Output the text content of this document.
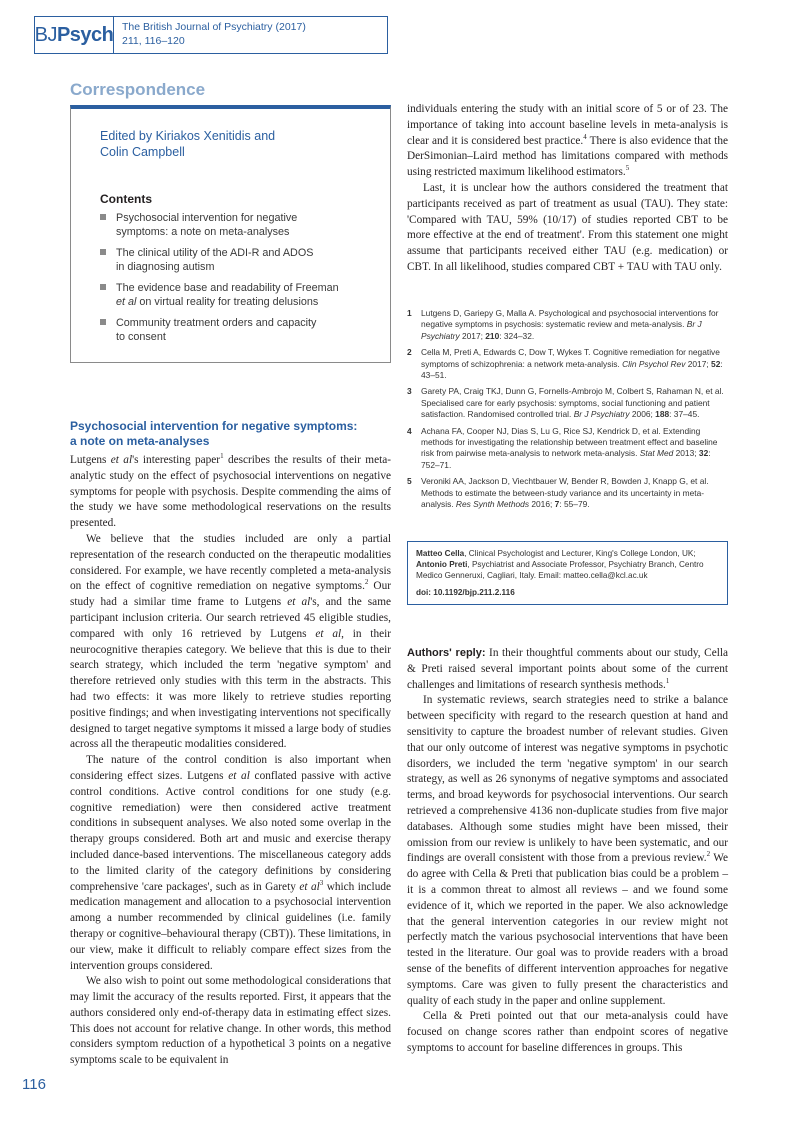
BJ Psych The British Journal of Psychiatry (2017)
211, 116–120
Correspondence
Edited by Kiriakos Xenitidis and
Colin Campbell
Contents
Psychosocial intervention for negative
symptoms: a note on meta-analyses
The clinical utility of the ADI-R and ADOS
in diagnosing autism
The evidence base and readability of Freeman
et al on virtual reality for treating delusions
Community treatment orders and capacity
to consent
Psychosocial intervention for negative symptoms:
a note on meta-analyses

Lutgens et al's interesting paper$^1$ describes the results of their meta-analytic study on the effect of psychosocial interventions on negative symptoms for people with psychosis. Despite commending the aims of the study we have some methodological reservations on the results presented.

We believe that the studies included are only a partial representation of the research conducted on the therapeutic modalities considered. For example, we have recently completed a meta-analysis on the effect of cognitive remediation on negative symptoms.$^2$ Our study had a similar time frame to Lutgens et al's, and the same participant inclusion criteria. Our search retrieved 45 eligible studies, compared with only 16 retrieved by Lutgens et al, in their neurocognitive therapies category. We believe that this is due to their search strategy, which included the term 'negative symptom' and therefore retrieved only studies with this term in the abstracts. This had two effects: it was more likely to retrieve studies reporting positive findings; and when investigating interventions not specifically designed to target negative symptoms it missed a large body of studies across all the therapeutic modalities considered.

The nature of the control condition is also important when considering effect sizes. Lutgens et al conflated passive with active control conditions. Active control conditions for one study (e.g. cognitive remediation) were then considered active treatment conditions in subsequent analyses. We also noted some overlap in the therapy groups considered. Both art and music and exercise therapy included dance-based interventions. The miscellaneous category adds to the limited clarity of the category definitions by considering comprehensive 'care packages', such as in Garety et $al^3$ which include medication management and allocation to a psychosocial intervention among a number recommended by clinical guidelines (i.e. family therapy or cognitive–behavioural therapy (CBT)). These limitations, in our view, make it difficult to reliably compare effect sizes from the intervention groups considered.

We also wish to point out some methodological considerations that may limit the accuracy of the results reported. First, it appears that the authors considered only end-of-therapy data in estimating effect sizes. This does not account for relative change. In other words, this method considers symptom reduction of a hypothetical 3 points on a negative symptoms scale to be equivalent in

individuals entering the study with an initial score of 5 or of 23. The importance of taking into account baseline levels in meta-analysis is clear and it is considered best practice.$^4$ There is also evidence that the DerSimonian–Laird method has limitations compared with methods using restricted maximum likelihood estimators.$^5$

Last, it is unclear how the authors considered the treatment that participants received as part of treatment as usual (TAU). They state: 'Compared with TAU, 59% (10/17) of studies reported CBT to be more effective at the end of treatment'. From this statement one might assume that participants received either TAU (e.g. medication) or CBT. In all likelihood, studies compared CBT + TAU with TAU only.

1 Lutgens D, Gariepy G, Malla A. Psychological and psychosocial interventions for negative symptoms in psychosis: systematic review and meta-analysis. Br J Psychiatry 2017; 210: 324–32.
2 Cella M, Preti A, Edwards C, Dow T, Wykes T. Cognitive remediation for negative symptoms of schizophrenia: a network meta-analysis. Clin Psychol Rev 2017; 52: 43–51.
3 Garety PA, Craig TKJ, Dunn G, Fornells-Ambrojo M, Colbert S, Rahaman N, et al. Specialised care for early psychosis: symptoms, social functioning and patient satisfaction. Randomised controlled trial. Br J Psychiatry 2006; 188: 37–45.
4 Achana FA, Cooper NJ, Dias S, Lu G, Rice SJ, Kendrick D, et al. Extending methods for investigating the relationship between treatment effect and baseline risk from pairwise meta-analysis to network meta-analysis. Stat Med 2013; 32: 752–71.
5 Veroniki AA, Jackson D, Viechtbauer W, Bender R, Bowden J, Knapp G, et al. Methods to estimate the between-study variance and its uncertainty in meta-analysis. Res Synth Methods 2016; 7: 55–79.
Matteo Cella, Clinical Psychologist and Lecturer, King's College London, UK; Antonio Preti, Psychiatrist and Associate Professor, Psychiatry Branch, Centro Medico Genneruxi, Cagliari, Italy. Email: matteo.cella@kcl.ac.uk
doi: 10.1192/bjp.211.2.116

Authors' reply: In their thoughtful comments about our study, Cella & Preti raised several important points about some of the current challenges and limitations of research synthesis methods.$^1$

In systematic reviews, search strategies need to strike a balance between specificity with regard to the research question at hand and sensitivity to capture the broadest number of relevant studies. Given that our only outcome of interest was negative symptoms in psychotic disorders, we included the term 'negative symptom' in our search strategy, as well as 26 synonyms of negative symptoms and associated terms, and broad keywords for psychosocial interventions. Our search retrieved a comprehensive 4136 non-duplicate studies from five major databases. Although some studies might have been missed, their omission from our review is unlikely to have been systematic, and our findings are overall consistent with those from a previous review.$^2$ We do agree with Cella & Preti that publication bias could be a problem – it is a common threat to almost all reviews – and we found some evidence of it, which we reported in the paper. We also acknowledge that the general intervention categories in our review might not perfectly match the various psychosocial interventions that have been tested in the literature. Our goal was to provide readers with a broad sense of the benefits of different intervention approaches for negative symptoms. Care was given to fully present the characteristics and quality of each study in the paper and online supplement.

Cella & Preti pointed out that our meta-analysis could have focused on change scores rather than endpoint scores of negative symptoms to account for baseline differences in groups. This

116
